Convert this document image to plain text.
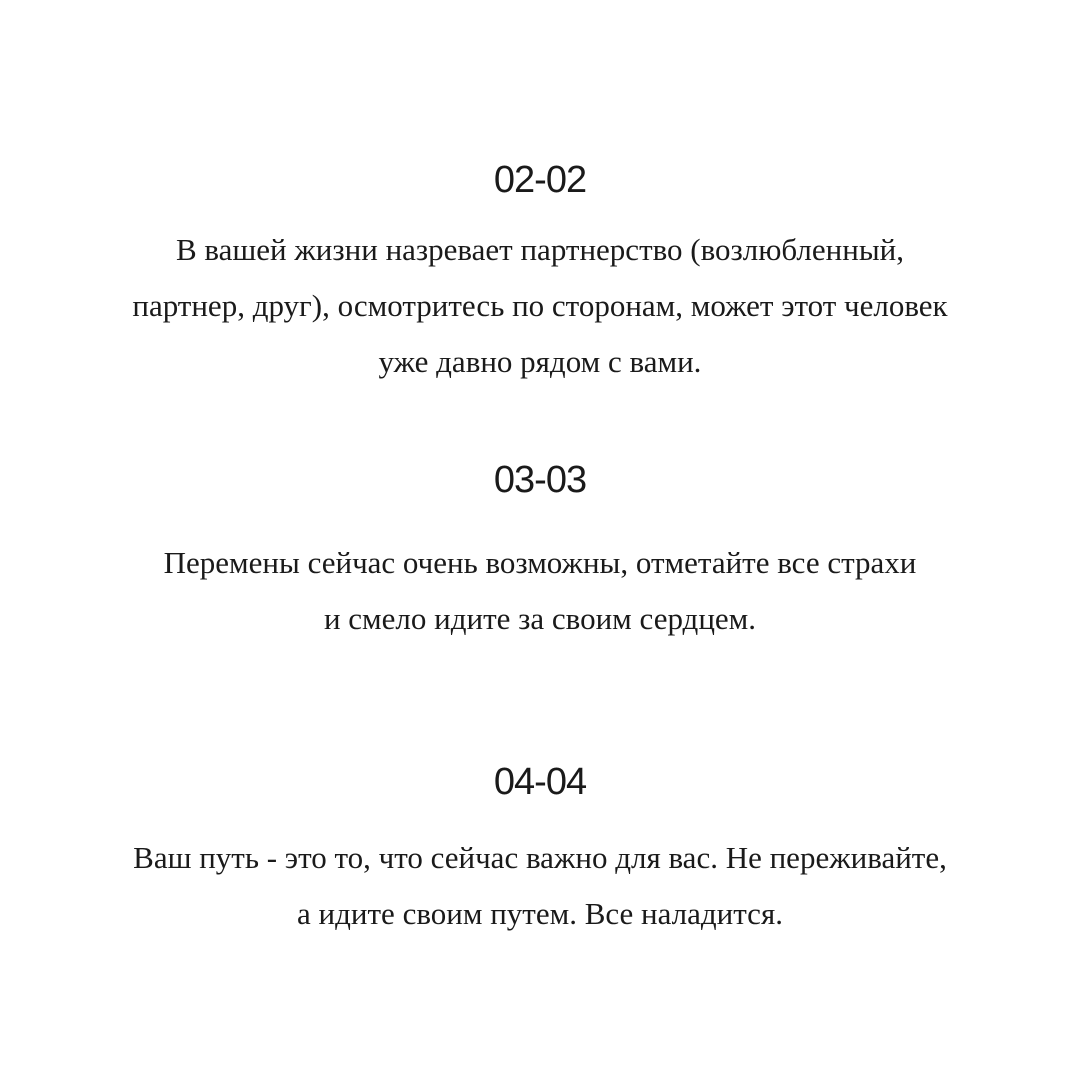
02-02

В вашей жизни назревает партнерство (возлюбленный,
партнер, друг), осмотритесь по сторонам, может этот человек
уже давно рядом с вами.

03-03

Перемены сейчас очень возможны, отметайте все страхи
и смело идите за своим сердцем.

04-04

Ваш путь - это то, что сейчас важно для вас. Не переживайте,
а идите своим путем. Все наладится.
